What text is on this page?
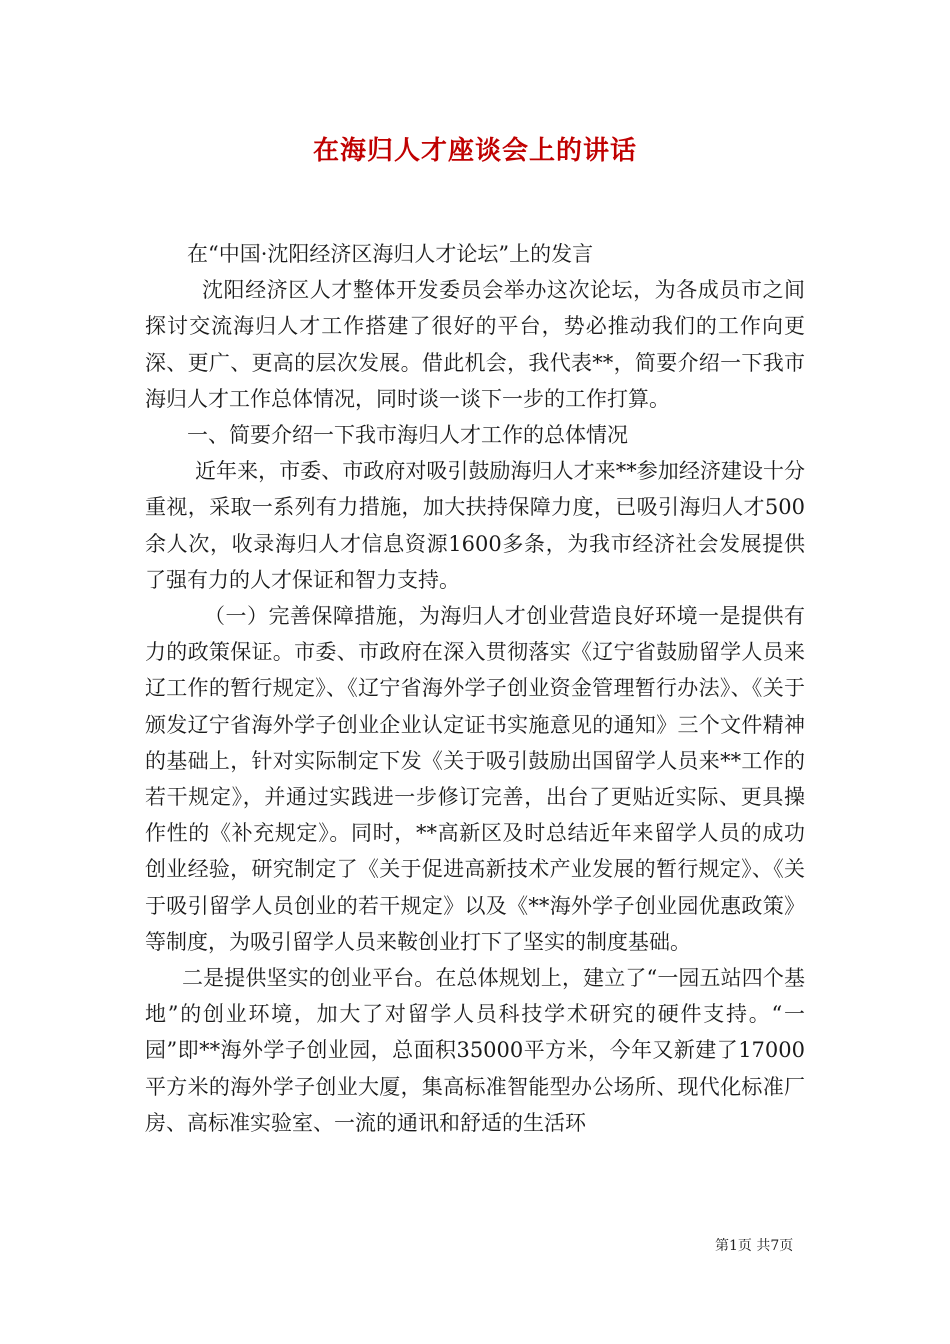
在海归人才座谈会上的讲话

在“中国·沈阳经济区海归人才论坛”上的发言

沈阳经济区人才整体开发委员会举办这次论坛，为各成员市之间探讨交流海归人才工作搭建了很好的平台，势必推动我们的工作向更深、更广、更高的层次发展。借此机会，我代表**，简要介绍一下我市海归人才工作总体情况，同时谈一谈下一步的工作打算。

一、简要介绍一下我市海归人才工作的总体情况

近年来，市委、市政府对吸引鼓励海归人才来**参加经济建设十分重视，采取一系列有力措施，加大扶持保障力度，已吸引海归人才500余人次，收录海归人才信息资源1600多条，为我市经济社会发展提供了强有力的人才保证和智力支持。

（一）完善保障措施，为海归人才创业营造良好环境一是提供有力的政策保证。市委、市政府在深入贯彻落实《辽宁省鼓励留学人员来辽工作的暂行规定》、《辽宁省海外学子创业资金管理暂行办法》、《关于颁发辽宁省海外学子创业企业认定证书实施意见的通知》三个文件精神的基础上，针对实际制定下发《关于吸引鼓励出国留学人员来**工作的若干规定》，并通过实践进一步修订完善，出台了更贴近实际、更具操作性的《补充规定》。同时，**高新区及时总结近年来留学人员的成功创业经验，研究制定了《关于促进高新技术产业发展的暂行规定》、《关于吸引留学人员创业的若干规定》以及《**海外学子创业园优惠政策》等制度，为吸引留学人员来鞍创业打下了坚实的制度基础。

二是提供坚实的创业平台。在总体规划上，建立了“一园五站四个基地”的创业环境，加大了对留学人员科技学术研究的硬件支持。“一园”即**海外学子创业园，总面积35000平方米，今年又新建了17000平方米的海外学子创业大厦，集高标准智能型办公场所、现代化标准厂房、高标准实验室、一流的通讯和舒适的生活环

第1页 共7页
